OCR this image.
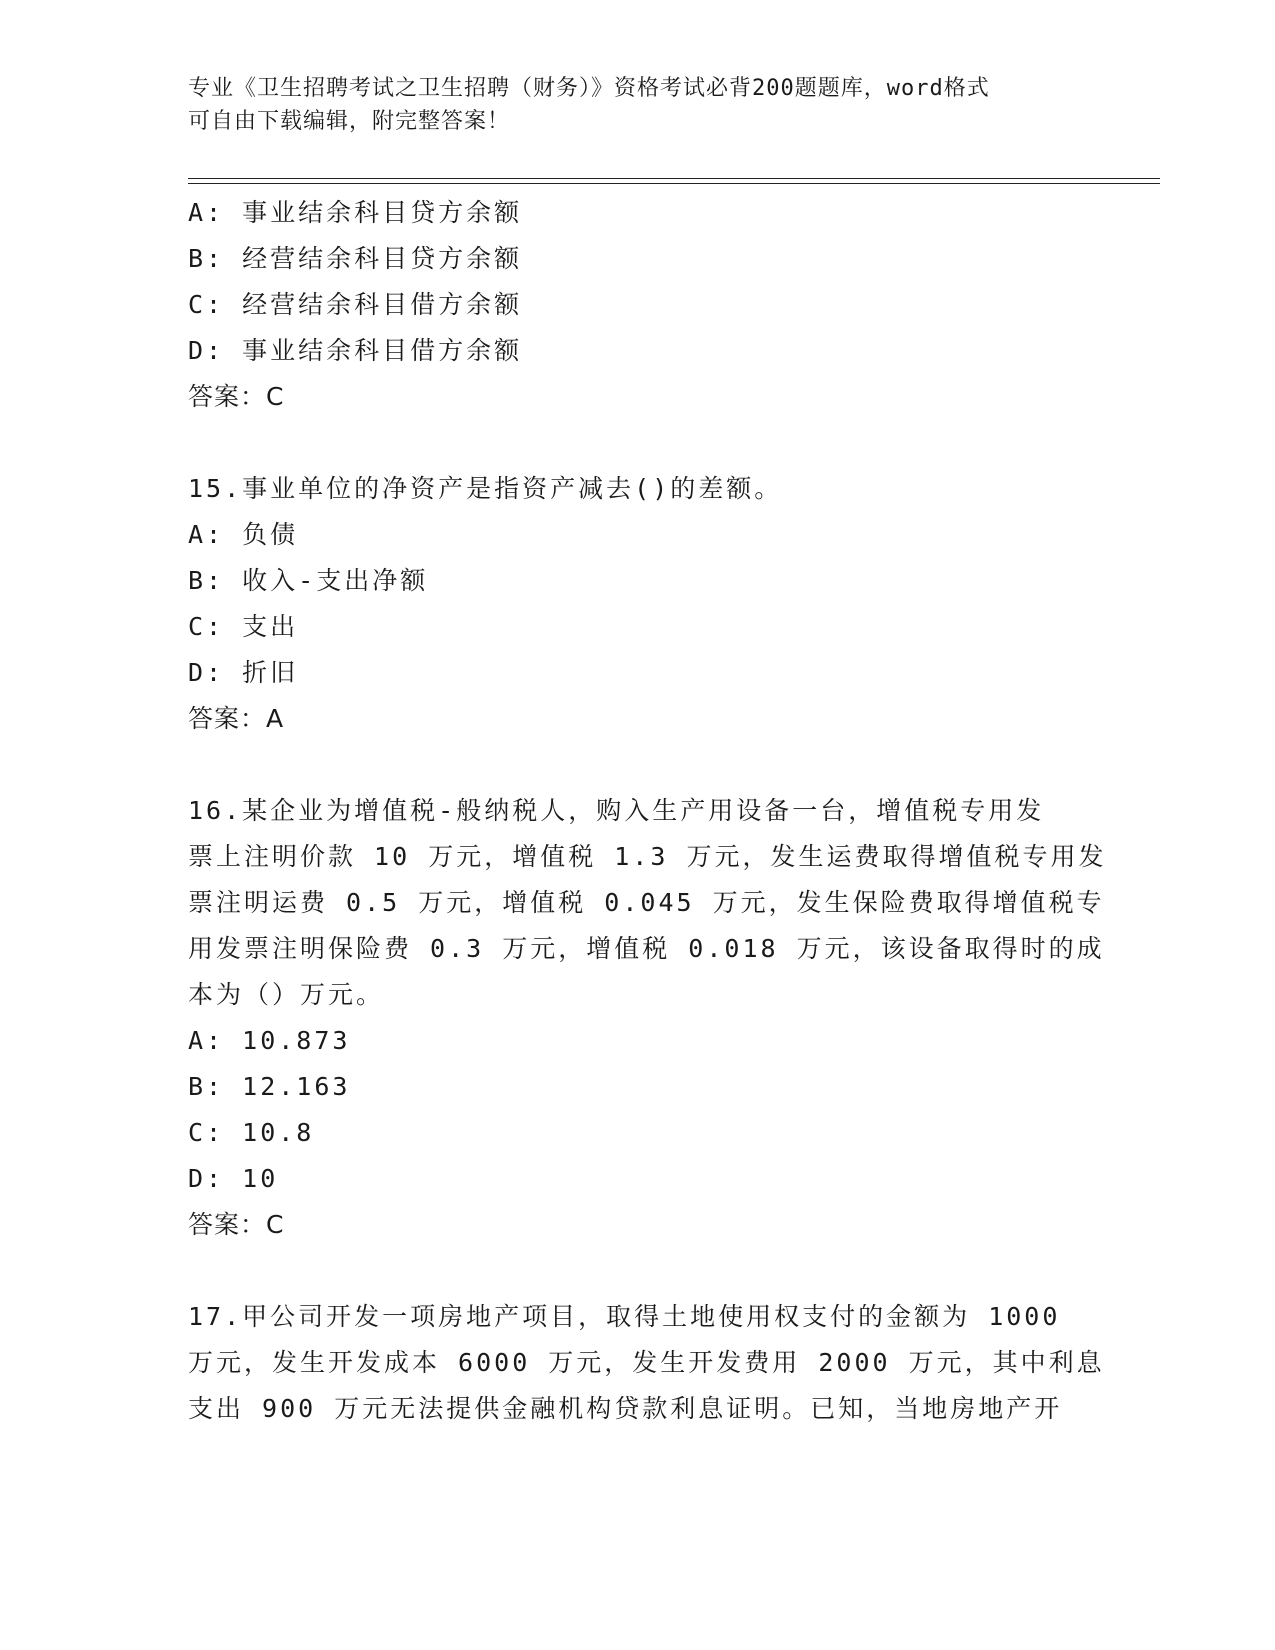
专业《卫生招聘考试之卫生招聘（财务）》资格考试必背200题题库，word格式
可自由下载编辑，附完整答案！
A: 事业结余科目贷方余额
B: 经营结余科目贷方余额
C: 经营结余科目借方余额
D: 事业结余科目借方余额
答案：C
15.事业单位的净资产是指资产减去()的差额。
A: 负债
B: 收入-支出净额
C: 支出
D: 折旧
答案：A
16.某企业为增值税-般纳税人，购入生产用设备一台，增值税专用发
票上注明价款 10 万元，增值税 1.3 万元，发生运费取得增值税专用发
票注明运费 0.5 万元，增值税 0.045 万元，发生保险费取得增值税专
用发票注明保险费 0.3 万元，增值税 0.018 万元，该设备取得时的成
本为（）万元。
A: 10.873
B: 12.163
C: 10.8
D: 10
答案：C
17.甲公司开发一项房地产项目，取得土地使用权支付的金额为 1000
万元，发生开发成本 6000 万元，发生开发费用 2000 万元，其中利息
支出 900 万元无法提供金融机构贷款利息证明。已知，当地房地产开
